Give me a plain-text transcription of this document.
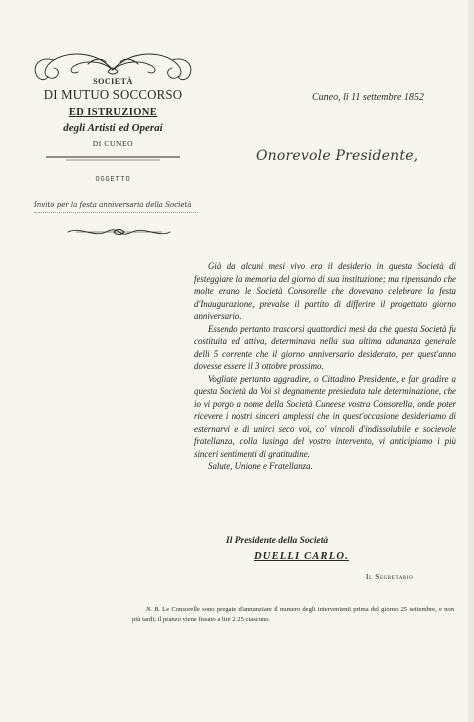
SOCIETÀ
DI MUTUO SOCCORSO
ED ISTRUZIONE
degli Artisti ed Operai
DI CUNEO
OGGETTO
Invito per la festa anniversaria della Società
Cuneo, li 11 settembre 1852
Onorevole Presidente,

Già da alcuni mesi vivo era il desiderio in questa Società di festeggiare la memoria del giorno di sua instituzione; ma ripensando che molte erano le Società Consorelle che dovevano celebrare la festa d'Inaugurazione, prevalse il partito di differire il progettato giorno anniversario.

Essendo pertanto trascorsi quattordici mesi da che questa Società fu costituita ed attiva, determinava nella sua ultima adunanza generale delli 5 corrente che il giorno anniversario desiderato, per quest'anno dovesse essere il 3 ottobre prossimo.

Vogliate pertanto aggradire, o Cittadino Presidente, e far gradire a questa Società da Voi sì degnamente presieduta tale determinazione, che io vi porgo a nome della Società Cuneese vostra Consorella, onde poter ricevere i nostri sinceri amplessi che in quest'occasione desideriamo di esternarvi e di unirci seco voi, co' vincoli d'indissolubile e socievole fratellanza, colla lusinga del vostro intervento, vi anticipiamo i più sinceri sentimenti di gratitudine.

Salute, Unione e Fratellanza.

Il Presidente della Società
DUELLI CARLO.
Il Segretario
N. B. Le Consorelle sono pregate d'annunziare il numero degli intervenienti prima del giorno 25 settembre, e non più tardi; il pranzo viene fissato a lire 2 25 ciascuno.
